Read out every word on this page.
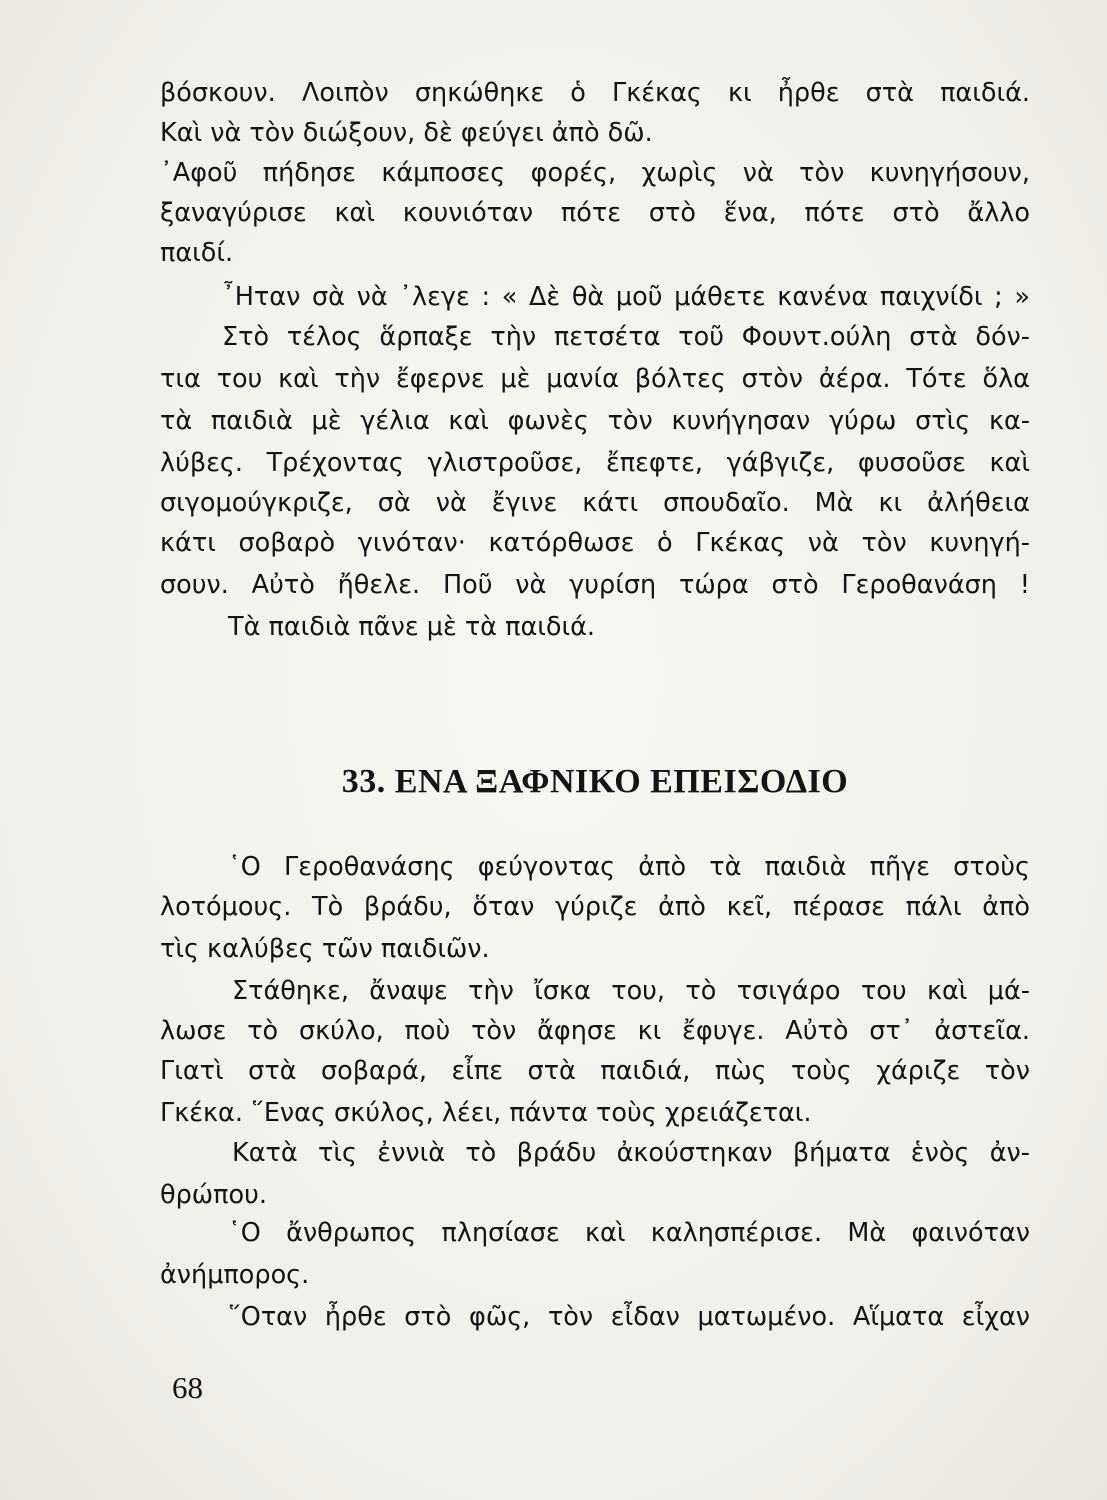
βόσκουν. Λοιπὸν σηκώθηκε ὁ Γκέκας κι ἦρθε στὰ παιδιά.
Καὶ νὰ τὸν διώξουν, δὲ φεύγει ἀπὸ δῶ.
᾿Αφοῦ πήδησε κάμποσες φορές, χωρὶς νὰ τὸν κυνηγήσουν,
ξαναγύρισε καὶ κουνιόταν πότε στὸ ἕνα, πότε στὸ ἄλλο
παιδί.
῏Ηταν σὰ νὰ ᾿λεγε : « Δὲ θὰ μοῦ μάθετε κανένα παιχνίδι ; »
Στὸ τέλος ἅρπαξε τὴν πετσέτα τοῦ Φουντ.ούλη στὰ δόν-
τια του καὶ τὴν ἔφερνε μὲ μανία βόλτες στὸν ἀέρα. Τότε ὅλα
τὰ παιδιὰ μὲ γέλια καὶ φωνὲς τὸν κυνήγησαν γύρω στὶς κα-
λύβες. Τρέχοντας γλιστροῦσε, ἔπεφτε, γάβγιζε, φυσοῦσε καὶ
σιγομούγκριζε, σὰ νὰ ἔγινε κάτι σπουδαῖο. Μὰ κι ἀλήθεια
κάτι σοβαρὸ γινόταν· κατόρθωσε ὁ Γκέκας νὰ τὸν κυνηγή-
σουν. Αὐτὸ ἤθελε. Ποῦ νὰ γυρίση τώρα στὸ Γεροθανάση !
Τὰ παιδιὰ πᾶνε μὲ τὰ παιδιά.
33. ΕΝΑ ΞΑΦΝΙΚΟ ΕΠΕΙΣΟΔΙΟ
῾Ο Γεροθανάσης φεύγοντας ἀπὸ τὰ παιδιὰ πῆγε στοὺς
λοτόμους. Τὸ βράδυ, ὅταν γύριζε ἀπὸ κεῖ, πέρασε πάλι ἀπὸ
τὶς καλύβες τῶν παιδιῶν.
Στάθηκε, ἄναψε τὴν ἴσκα του, τὸ τσιγάρο του καὶ μά-
λωσε τὸ σκύλο, ποὺ τὸν ἄφησε κι ἔφυγε. Αὐτὸ στ᾿ ἀστεῖα.
Γιατὶ στὰ σοβαρά, εἶπε στὰ παιδιά, πὼς τοὺς χάριζε τὸν
Γκέκα. ῞Ενας σκύλος, λέει, πάντα τοὺς χρειάζεται.
Κατὰ τὶς ἐννιὰ τὸ βράδυ ἀκούστηκαν βήματα ἑνὸς ἀν-
θρώπου.
῾Ο ἄνθρωπος πλησίασε καὶ καλησπέρισε. Μὰ φαινόταν
ἀνήμπορος.
῞Οταν ἦρθε στὸ φῶς, τὸν εἶδαν ματωμένο. Αἵματα εἶχαν
68
